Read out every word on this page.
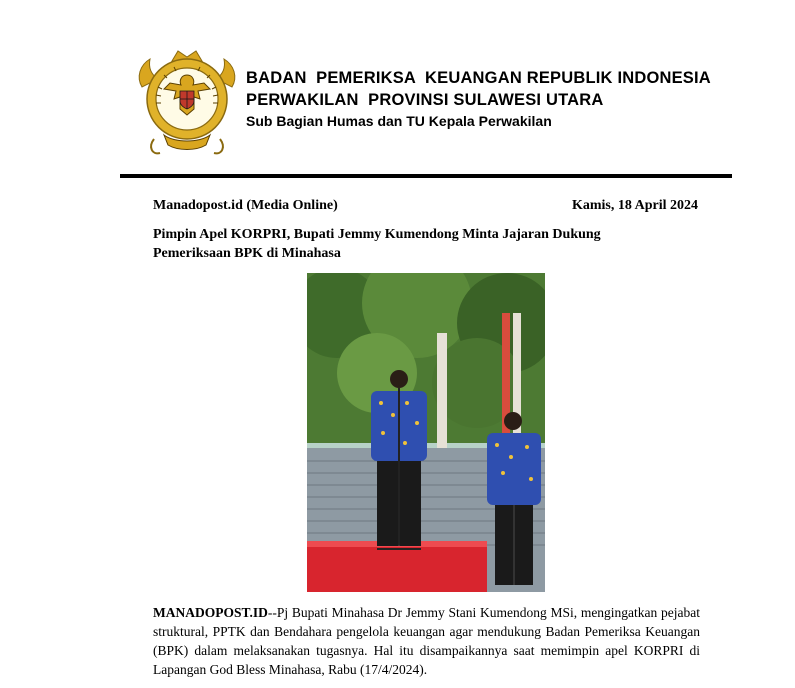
BADAN  PEMERIKSA  KEUANGAN REPUBLIK INDONESIA
PERWAKILAN  PROVINSI SULAWESI UTARA
Sub Bagian Humas dan TU Kepala Perwakilan
Manadopost.id (Media Online)	Kamis, 18 April 2024
Pimpin Apel KORPRI, Bupati Jemmy Kumendong Minta Jajaran Dukung
Pemeriksaan BPK di Minahasa
MANADOPOST.ID--Pj Bupati Minahasa Dr Jemmy Stani Kumendong MSi, mengingatkan pejabat struktural, PPTK dan Bendahara pengelola keuangan agar mendukung Badan Pemeriksa Keuangan (BPK) dalam melaksanakan tugasnya. Hal itu disampaikannya saat memimpin apel KORPRI di Lapangan God Bless Minahasa, Rabu (17/4/2024).
